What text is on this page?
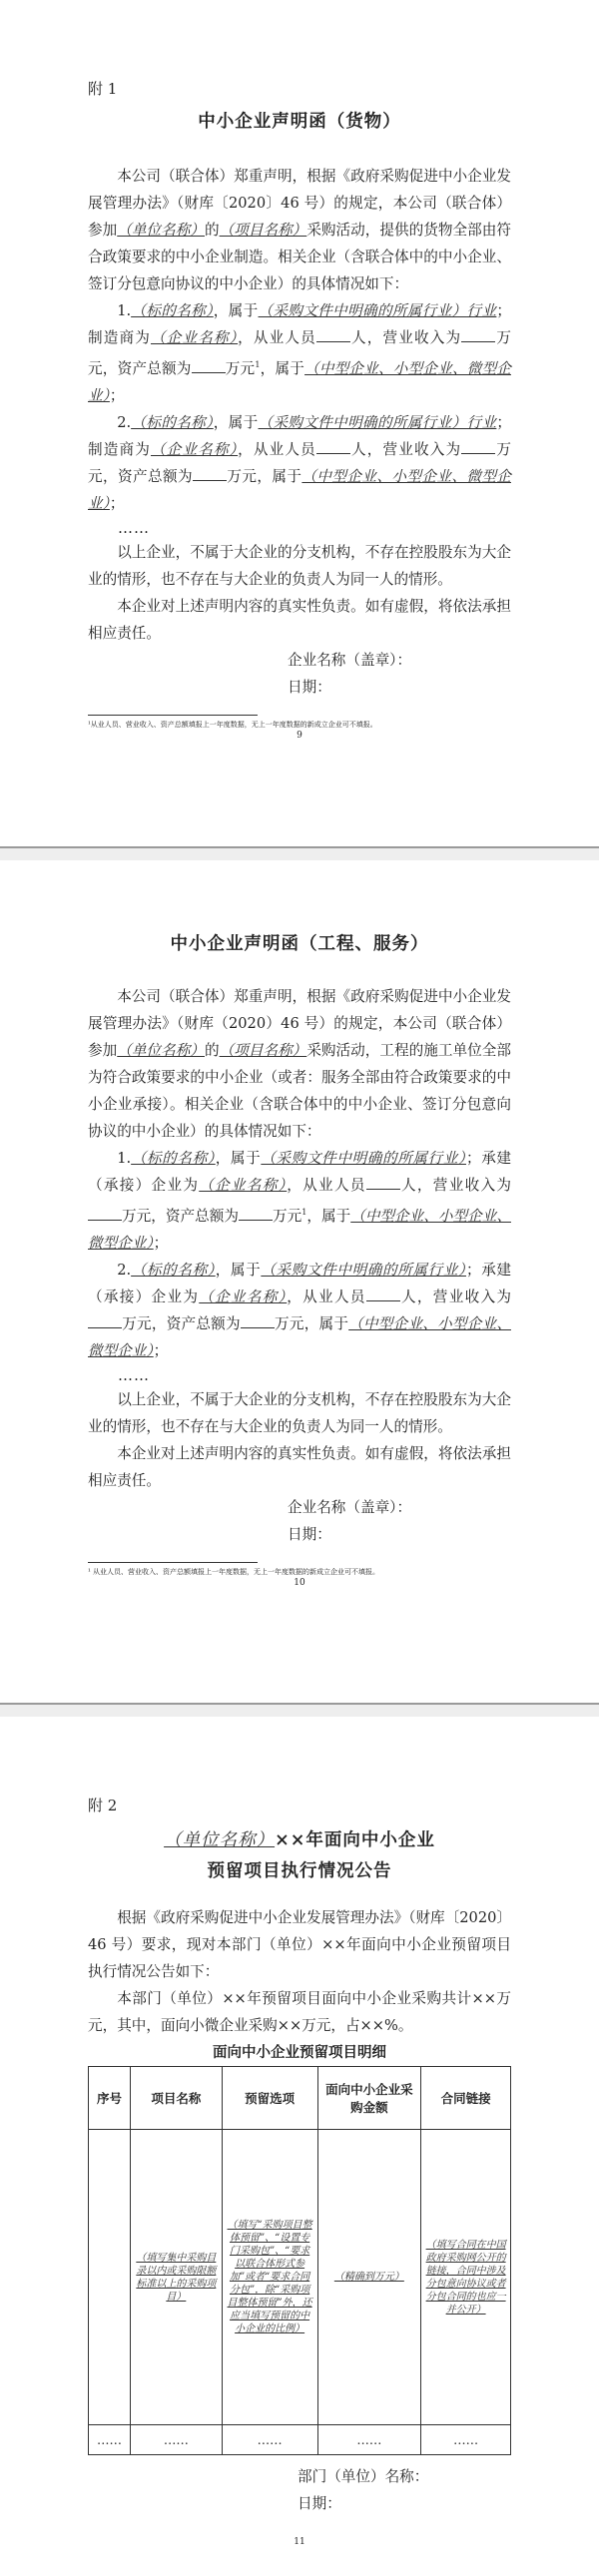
附 1
中小企业声明函（货物）

本公司（联合体）郑重声明，根据《政府采购促进中小企业发展管理办法》（财库〔2020〕46 号）的规定，本公司（联合体）参加（单位名称）的（项目名称）采购活动，提供的货物全部由符合政策要求的中小企业制造。相关企业（含联合体中的中小企业、签订分包意向协议的中小企业）的具体情况如下：

1.（标的名称），属于（采购文件中明确的所属行业）行业；制造商为（企业名称），从业人员 人，营业收入为 万元，资产总额为 万元$^1$，属于（中型企业、小型企业、微型企业）；

2.（标的名称），属于（采购文件中明确的所属行业）行业；制造商为（企业名称），从业人员 人，营业收入为 万元，资产总额为 万元，属于（中型企业、小型企业、微型企业）；

……

以上企业，不属于大企业的分支机构，不存在控股股东为大企业的情形，也不存在与大企业的负责人为同一人的情形。

本企业对上述声明内容的真实性负责。如有虚假，将依法承担相应责任。

企业名称（盖章）：
日期：
¹从业人员、营业收入、资产总额填报上一年度数据，无上一年度数据的新成立企业可不填报。
9
中小企业声明函（工程、服务）

本公司（联合体）郑重声明，根据《政府采购促进中小企业发展管理办法》（财库（2020）46 号）的规定，本公司（联合体）参加（单位名称）的（项目名称）采购活动，工程的施工单位全部为符合政策要求的中小企业（或者：服务全部由符合政策要求的中小企业承接）。相关企业（含联合体中的中小企业、签订分包意向协议的中小企业）的具体情况如下：

1.（标的名称），属于（采购文件中明确的所属行业）；承建（承接）企业为（企业名称），从业人员 人，营业收入为万元，资产总额为 万元$^1$，属于（中型企业、小型企业、微型企业）；

2.（标的名称），属于（采购文件中明确的所属行业）；承建（承接）企业为（企业名称），从业人员 人，营业收入为万元，资产总额为 万元，属于（中型企业、小型企业、微型企业）；

……

以上企业，不属于大企业的分支机构，不存在控股股东为大企业的情形，也不存在与大企业的负责人为同一人的情形。

本企业对上述声明内容的真实性负责。如有虚假，将依法承担相应责任。

企业名称（盖章）：
日期：
¹ 从业人员、营业收入、资产总额填报上一年度数据，无上一年度数据的新成立企业可不填报。
10
附 2
（单位名称）××年面向中小企业
预留项目执行情况公告

根据《政府采购促进中小企业发展管理办法》（财库〔2020〕46 号）要求，现对本部门（单位）××年面向中小企业预留项目执行情况公告如下：

本部门（单位）××年预留项目面向中小企业采购共计××万元，其中，面向小微企业采购××万元，占××%。

面向中小企业预留项目明细
序号	项目名称	预留选项	面向中小企业采购金额	合同链接

	（填写集中采购目录以内或采购限额标准以上的采购项目）	（填写“采购项目整体预留”、“设置专门采购包”、“要求以联合体形式参加”或者“要求合同分包”，除“采购项目整体预留”外，还应当填写预留的中小企业的比例）	（精确到万元）	（填写合同在中国政府采购网公开的链接，合同中涉及分包意向协议或者分包合同的也应一并公开）

……	……	……	……	……
部门（单位）名称：
日期：
11
